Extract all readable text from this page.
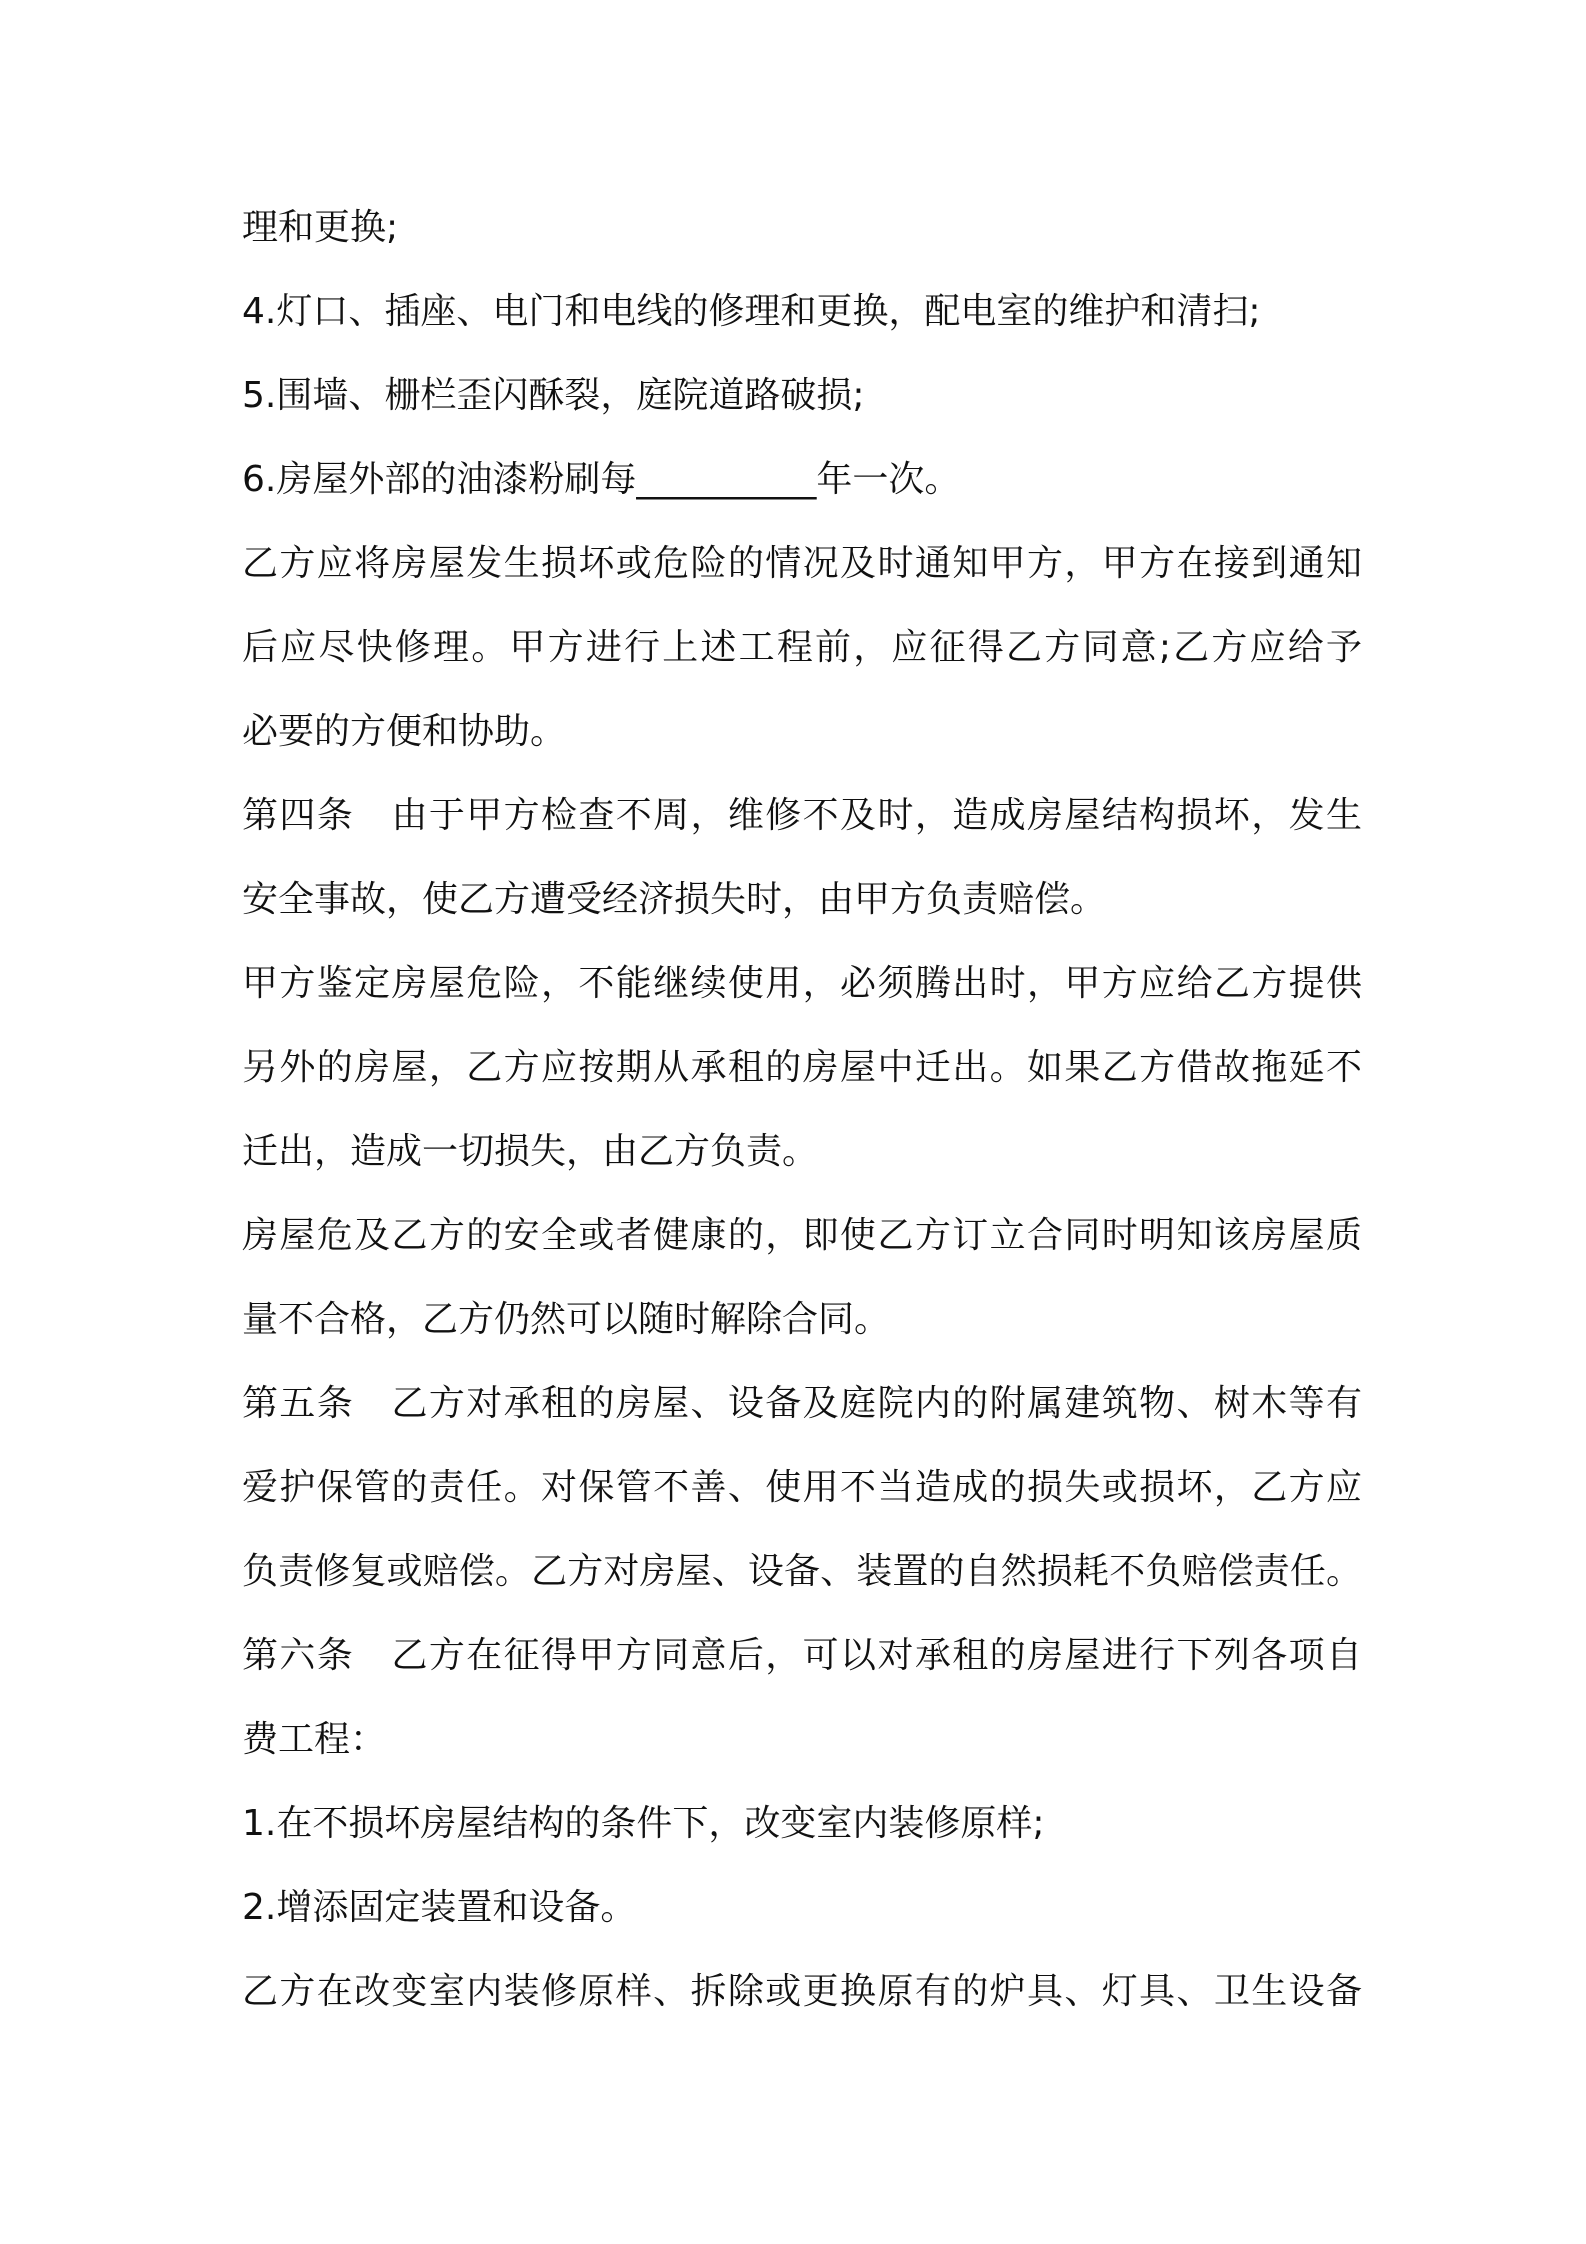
理和更换;
4.灯口、插座、电门和电线的修理和更换，配电室的维护和清扫;
5.围墙、栅栏歪闪酥裂，庭院道路破损;
6.房屋外部的油漆粉刷每__________年一次。
乙方应将房屋发生损坏或危险的情况及时通知甲方，甲方在接到通知
后应尽快修理。甲方进行上述工程前，应征得乙方同意;乙方应给予
必要的方便和协助。
第四条　由于甲方检查不周，维修不及时，造成房屋结构损坏，发生
安全事故，使乙方遭受经济损失时，由甲方负责赔偿。
甲方鉴定房屋危险，不能继续使用，必须腾出时，甲方应给乙方提供
另外的房屋，乙方应按期从承租的房屋中迁出。如果乙方借故拖延不
迁出，造成一切损失，由乙方负责。
房屋危及乙方的安全或者健康的，即使乙方订立合同时明知该房屋质
量不合格，乙方仍然可以随时解除合同。
第五条　乙方对承租的房屋、设备及庭院内的附属建筑物、树木等有
爱护保管的责任。对保管不善、使用不当造成的损失或损坏，乙方应
负责修复或赔偿。乙方对房屋、设备、装置的自然损耗不负赔偿责任。
第六条　乙方在征得甲方同意后，可以对承租的房屋进行下列各项自
费工程：
1.在不损坏房屋结构的条件下，改变室内装修原样;
2.增添固定装置和设备。
乙方在改变室内装修原样、拆除或更换原有的炉具、灯具、卫生设备
